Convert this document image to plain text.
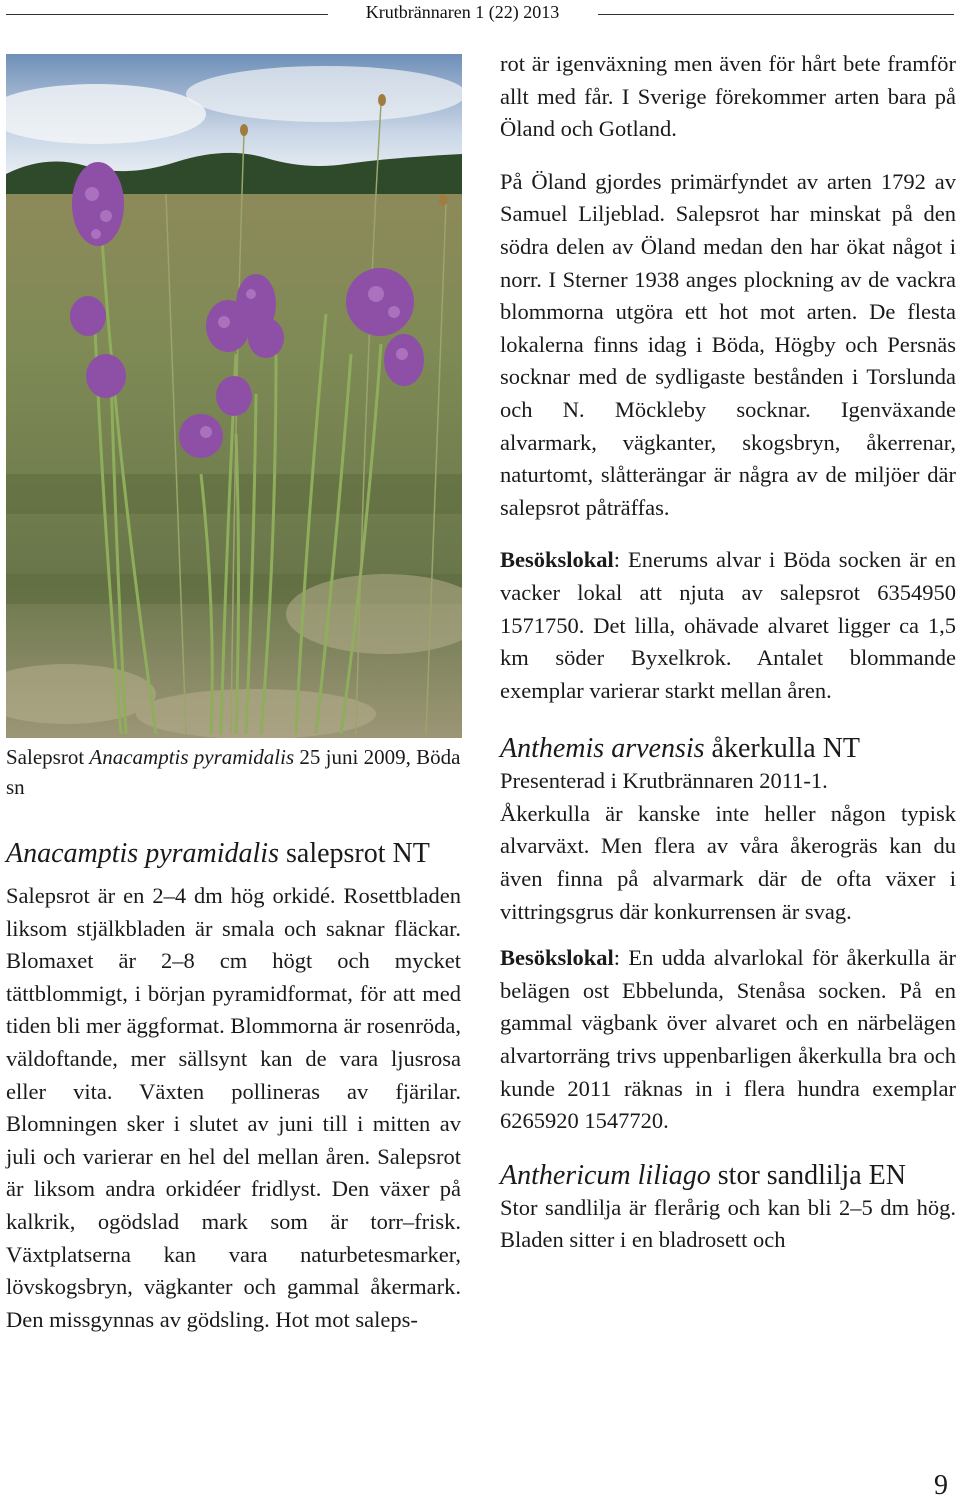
Krutbrännaren 1 (22) 2013

Salepsrot Anacamptis pyramidalis 25 juni 2009, Böda sn

Anacamptis pyramidalis salepsrot NT

Salepsrot är en 2–4 dm hög orkidé. Rosettbladen liksom stjälkbladen är smala och saknar fläckar. Blomaxet är 2–8 cm högt och mycket tättblommigt, i början pyramidformat, för att med tiden bli mer äggformat. Blommorna är rosenröda, väldoftande, mer sällsynt kan de vara ljusrosa eller vita. Växten pollineras av fjärilar. Blomningen sker i slutet av juni till i mitten av juli och varierar en hel del mellan åren. Salepsrot är liksom andra orkidéer fridlyst. Den växer på kalkrik, ogödslad mark som är torr–frisk. Växtplatserna kan vara naturbetesmarker, lövskogsbryn, vägkanter och gammal åkermark. Den missgynnas av gödsling. Hot mot saleps-

rot är igenväxning men även för hårt bete framför allt med får. I Sverige förekommer arten bara på Öland och Gotland.

På Öland gjordes primärfyndet av arten 1792 av Samuel Liljeblad. Salepsrot har minskat på den södra delen av Öland medan den har ökat något i norr. I Sterner 1938 anges plockning av de vackra blommorna utgöra ett hot mot arten. De flesta lokalerna finns idag i Böda, Högby och Persnäs socknar med de sydligaste bestånden i Torslunda och N. Möckleby socknar. Igenväxande alvarmark, vägkanter, skogsbryn, åkerrenar, naturtomt, slåtterängar är några av de miljöer där salepsrot påträffas.

Besökslokal: Enerums alvar i Böda socken är en vacker lokal att njuta av salepsrot 6354950 1571750. Det lilla, ohävade alvaret ligger ca 1,5 km söder Byxelkrok. Antalet blommande exemplar varierar starkt mellan åren.

Anthemis arvensis åkerkulla NT

Presenterad i Krutbrännaren 2011-1.

Åkerkulla är kanske inte heller någon typisk alvarväxt. Men flera av våra åkerogräs kan du även finna på alvarmark där de ofta växer i vittringsgrus där konkurrensen är svag.

Besökslokal: En udda alvarlokal för åkerkulla är belägen ost Ebbelunda, Stenåsa socken. På en gammal vägbank över alvaret och en närbelägen alvartorräng trivs uppenbarligen åkerkulla bra och kunde 2011 räknas in i flera hundra exemplar 6265920 1547720.

Anthericum liliago stor sandlilja EN

Stor sandlilja är flerårig och kan bli 2–5 dm hög. Bladen sitter i en bladrosett och

9
